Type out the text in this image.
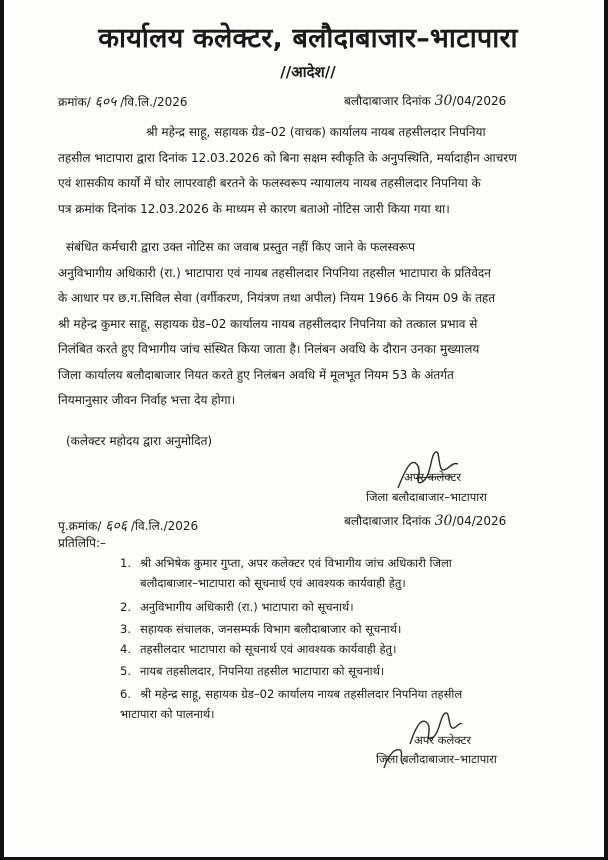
कार्यालय कलेक्टर, बलौदाबाजार–भाटापारा
//आदेश//
क्रमांक/ ६०५ /वि.लि./2026	बलौदाबाजार दिनांक 30/04/2026
श्री महेन्द्र साहू, सहायक ग्रेड–02 (वाचक) कार्यालय नायब तहसीलदार निपनिया
तहसील भाटापारा द्वारा दिनांक 12.03.2026 को बिना सक्षम स्वीकृति के अनुपस्थिति, मर्यादाहीन आचरण
एवं शासकीय कार्यों में घोर लापरवाही बरतने के फलस्वरूप न्यायालय नायब तहसीलदार निपनिया के
पत्र क्रमांक दिनांक 12.03.2026 के माध्यम से कारण बताओ नोटिस जारी किया गया था।
संबंधित कर्मचारी द्वारा उक्त नोटिस का जवाब प्रस्तुत नहीं किए जाने के फलस्वरूप
अनुविभागीय अधिकारी (रा.) भाटापारा एवं नायब तहसीलदार निपनिया तहसील भाटापारा के प्रतिवेदन
के आधार पर छ.ग.सिविल सेवा (वर्गीकरण, नियंत्रण तथा अपील) नियम 1966 के नियम 09 के तहत
श्री महेन्द्र कुमार साहू, सहायक ग्रेड–02 कार्यालय नायब तहसीलदार निपनिया को तत्काल प्रभाव से
निलंबित करते हुए विभागीय जांच संस्थित किया जाता है। निलंबन अवधि के दौरान उनका मुख्यालय
जिला कार्यालय बलौदाबाजार नियत करते हुए निलंबन अवधि में मूलभूत नियम 53 के अंतर्गत
नियमानुसार जीवन निर्वाह भत्ता देय होगा।
(कलेक्टर महोदय द्वारा अनुमोदित)
अपर कलेक्टर
जिला बलौदाबाजार–भाटापारा
पृ.क्रमांक/ ६०६ /वि.लि./2026	बलौदाबाजार दिनांक 30/04/2026
प्रतिलिपि:–
1. श्री अभिषेक कुमार गुप्ता, अपर कलेक्टर एवं विभागीय जांच अधिकारी जिला
बलौदाबाजार–भाटापारा को सूचनार्थ एवं आवश्यक कार्यवाही हेतु।
2. अनुविभागीय अधिकारी (रा.) भाटापारा को सूचनार्थ।
3. सहायक संचालक, जनसम्पर्क विभाग बलौदाबाजार को सूचनार्थ।
4. तहसीलदार भाटापारा को सूचनार्थ एवं आवश्यक कार्यवाही हेतु।
5. नायब तहसीलदार, निपनिया तहसील भाटापारा को सूचनार्थ।
6. श्री महेन्द्र साहू, सहायक ग्रेड–02 कार्यालय नायब तहसीलदार निपनिया तहसील
भाटापारा को पालनार्थ।
अपर कलेक्टर
जिला बलौदाबाजार–भाटापारा
